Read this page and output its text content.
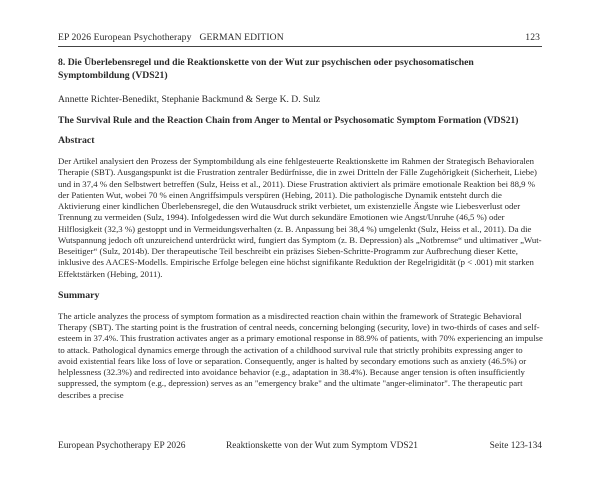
EP 2026 European Psychotherapy GERMAN EDITION	123
8. Die Überlebensregel und die Reaktionskette von der Wut zur psychischen oder psychosomatischen Symptombildung (VDS21)
Annette Richter-Benedikt, Stephanie Backmund & Serge K. D. Sulz
The Survival Rule and the Reaction Chain from Anger to Mental or Psychosomatic Symptom Formation (VDS21)
Abstract
Der Artikel analysiert den Prozess der Symptombildung als eine fehlgesteuerte Reaktionskette im Rahmen der Strategisch Behavioralen Therapie (SBT). Ausgangspunkt ist die Frustration zentraler Bedürfnisse, die in zwei Dritteln der Fälle Zugehörigkeit (Sicherheit, Liebe) und in 37,4 % den Selbstwert betreffen (Sulz, Heiss et al., 2011). Diese Frustration aktiviert als primäre emotionale Reaktion bei 88,9 % der Patienten Wut, wobei 70 % einen Angriffsimpuls verspüren (Hebing, 2011). Die pathologische Dynamik entsteht durch die Aktivierung einer kindlichen Überlebensregel, die den Wutausdruck strikt verbietet, um existenzielle Ängste wie Liebesverlust oder Trennung zu vermeiden (Sulz, 1994). Infolgedessen wird die Wut durch sekundäre Emotionen wie Angst/Unruhe (46,5 %) oder Hilflosigkeit (32,3 %) gestoppt und in Vermeidungsverhalten (z. B. Anpassung bei 38,4 %) umgelenkt (Sulz, Heiss et al., 2011). Da die Wutspannung jedoch oft unzureichend unterdrückt wird, fungiert das Symptom (z. B. Depression) als „Notbremse“ und ultimativer „Wut-Beseitiger“ (Sulz, 2014b). Der therapeutische Teil beschreibt ein präzises Sieben-Schritte-Programm zur Aufbrechung dieser Kette, inklusive des AACES-Modells. Empirische Erfolge belegen eine höchst signifikante Reduktion der Regelrigidität (p < .001) mit starken Effektstärken (Hebing, 2011).
Summary
The article analyzes the process of symptom formation as a misdirected reaction chain within the framework of Strategic Behavioral Therapy (SBT). The starting point is the frustration of central needs, concerning belonging (security, love) in two-thirds of cases and self-esteem in 37.4%. This frustration activates anger as a primary emotional response in 88.9% of patients, with 70% experiencing an impulse to attack. Pathological dynamics emerge through the activation of a childhood survival rule that strictly prohibits expressing anger to avoid existential fears like loss of love or separation. Consequently, anger is halted by secondary emotions such as anxiety (46.5%) or helplessness (32.3%) and redirected into avoidance behavior (e.g., adaptation in 38.4%). Because anger tension is often insufficiently suppressed, the symptom (e.g., depression) serves as an "emergency brake" and the ultimate "anger-eliminator". The therapeutic part describes a precise
European Psychotherapy EP 2026	Reaktionskette von der Wut zum Symptom VDS21	Seite 123-134
